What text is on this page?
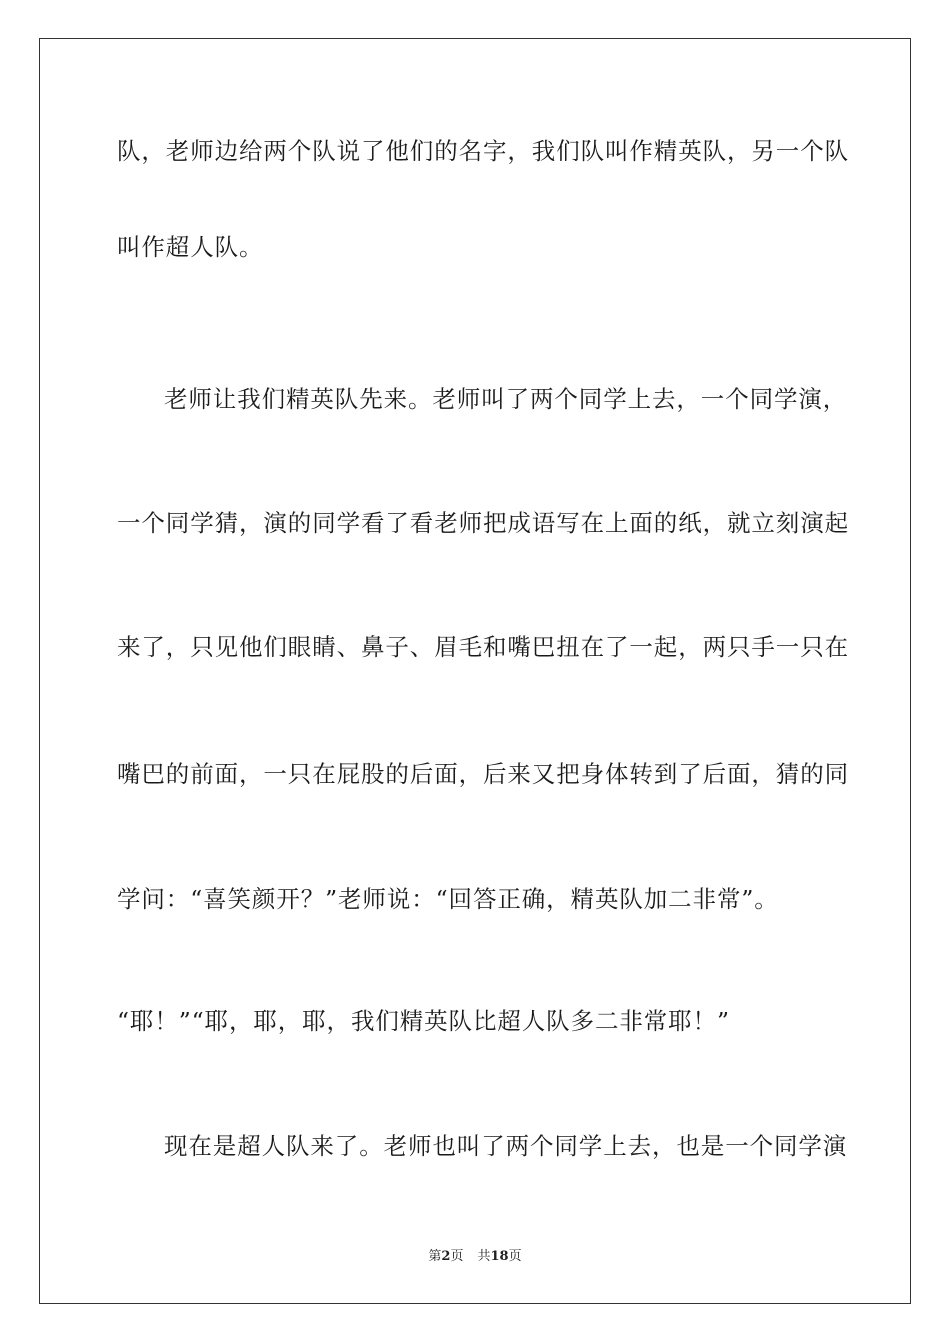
队，老师边给两个队说了他们的名字，我们队叫作精英队，另一个队
叫作超人队。
老师让我们精英队先来。老师叫了两个同学上去，一个同学演，
一个同学猜，演的同学看了看老师把成语写在上面的纸，就立刻演起
来了，只见他们眼睛、鼻子、眉毛和嘴巴扭在了一起，两只手一只在
嘴巴的前面，一只在屁股的后面，后来又把身体转到了后面，猜的同
学问：“喜笑颜开？”老师说：“回答正确，精英队加二非常”。
“耶！”“耶，耶，耶，我们精英队比超人队多二非常耶！”
现在是超人队来了。老师也叫了两个同学上去，也是一个同学演
第2页 共18页
